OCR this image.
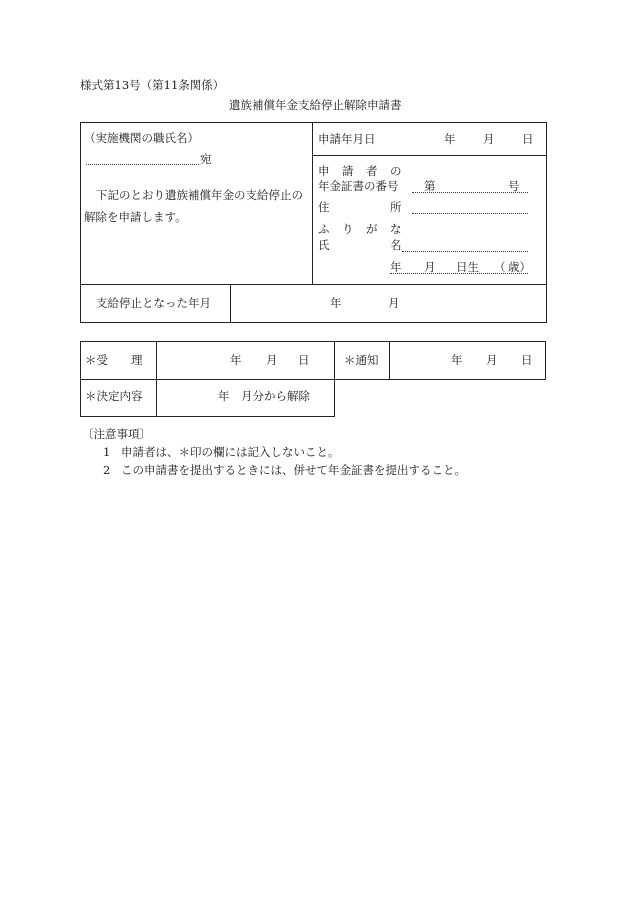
様式第13号（第11条関係）
遺族補償年金支給停止解除申請書
（実施機関の職氏名）
宛
下記のとおり遺族補償年金の支給停止の
解除を申請します。
申請年月日	年 月 日
申 請 者 の
年金証書の番号 第	号
住	所
ふ り が な
氏	名
年 月 日生 （ 歳）
支給停止となった年月	年	月
＊受　　理	年 月 日	＊通知	年 月 日
＊決定内容	年　月分から解除
〔注意事項〕
1 申請者は、＊印の欄には記入しないこと。
2 この申請書を提出するときには、併せて年金証書を提出すること。
